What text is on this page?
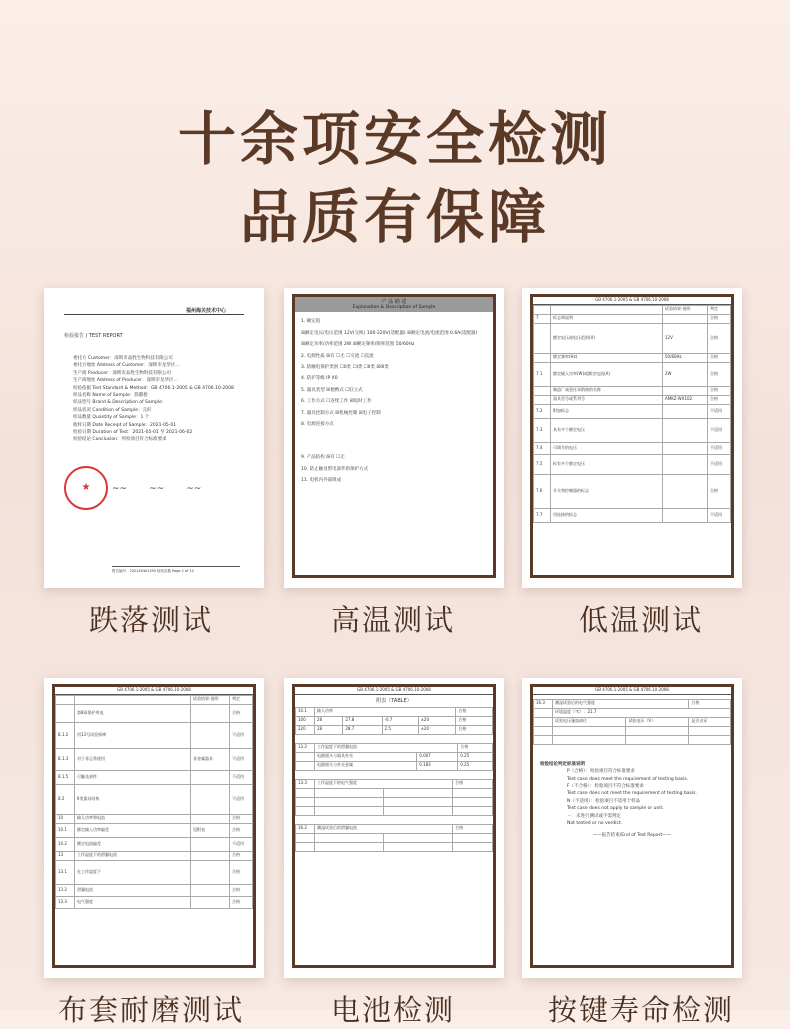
十余项安全检测
品质有保障
福州海关技术中心
检验报告 / TEST REPORT
委托方 Customer：深圳市品胜生物科技有限公司
委托方地址 Address of Customer：深圳市龙华区...
生产商 Producer：深圳市品胜生物科技有限公司
生产商地址 Address of Producer：深圳市龙华区...
检验依据 Test Standard & Method：GB 4706.1-2005 & GB 4706.10-2008
样品名称 Name of Sample：筋膜枪
样品型号 Brand & Description of Sample：
样品状况 Condition of Sample：完好
样品数量 Quantity of Sample：1 个
收样日期 Date Receipt of Sample：2021-05-01
检验日期 Duration of Test：2021-05-01 至 2021-06-02
检验结论 Conclusion：所检项目符合标准要求
★	~~ ~~ ~~
报告编号：2021XGW1190 检验页数 Page 1 of 12
跌落测试
产 品 描 述
Explanation & Description of Sample
1. 额定值
☒额定电压/电压范围 12V(交换) 100-220V(适配器) ☒额定电流/电流范围 0.6A(适配器)
☒额定功率/功率范围 2W ☒额定频率/频率范围 50/60Hz
2. 电源性质 ☒有 ☐无 ☐交流 ☐直流
3. 防触电保护类别 ☐0类 ☐I类 ☐II类 ☒III类
4. 防护等级 IP X0
5. 器具类型 ☒便携式 ☐驻立式
6. 工作方式 ☐连续工作 ☒短时工作
7. 器具控制方式 ☒机械控制 ☒电子控制
8. 电源连接方式
9. 产品结构 ☒有 ☐无
10. 防止触及带电部件的保护方式
11. 电机内外部组成
高温测试
GB 4706.1-2005 & GB 4706.10-2008
		试验结果-说明	判定
7	标志和说明		合格
	额定电压或电压范围(V)	12V	合格
	额定频率(Hz)	50/60Hz	合格
7.1	额定输入功率(W)或额定电流(A)	2W	合格
	制造厂或责任承销商的名称		合格
	器具型号或系列号	AMKZ-WX102	合格
7.2	附加标志		不适用
7.3	具有多个额定电压		不适用
7.4	可调节的电压		不适用
7.5	标有多个额定电压		不适用
7.6	开关和控制器的标志		合格
7.7	用连接的标志		不适用
低温测试
GB 4706.1-2005 & GB 4706.10-2008
		试验结果-说明	判定
	第8章保护用电		合格
8.1.2	用13号试验探棒		不适用
8.1.3	对于非正常使用	非金属器具	不适用
8.1.5	可触及部件		不适用
8.2	II类器具结构		不适用
10	输入功率和电流		合格
10.1	额定输入功率偏差	见附表	合格
10.2	额定电流偏差		不适用
13	工作温度下的泄漏电流		合格
13.1	在工作温度下		合格
13.2	泄漏电流		合格
13.3	电气强度		合格
布套耐磨测试
GB 4706.1-2005 & GB 4706.10-2008
附表（TABLE）
10.1	输入功率				合格
100	28	27.8	-0.7	±20	合格
220	28	28.7	2.5	±20	合格
13.2	工作温度下的泄漏电流		合格
	电源插头与器具外壳	0.007	0.25
	电源插头与外壳金属	0.183	0.25
13.3	工作温度下的电气强度		合格

16.2	潮湿试验后的泄漏电流		合格

电池检测
GB 4706.1-2005 & GB 4706.10-2008
16.3	潮湿试验后的电气强度		合格
	环境温度（℃）：21.7		
	试验电压施加部位	试验电压（V）	是否击穿

检验结论判定标准说明
P（合格）：检验项目符合标准要求
Test case does meet the requirement of testing basis.
F（不合格）：检验项目不符合标准要求
Test case does not meet the requirement of testing basis.
N（不适用）：检验项目不适用于样品
Test case does not apply to sample or unit.
－：未进行测试或不需判定
Not tested or no verdict.
——报告结束/End of Test Report——
按键寿命检测
